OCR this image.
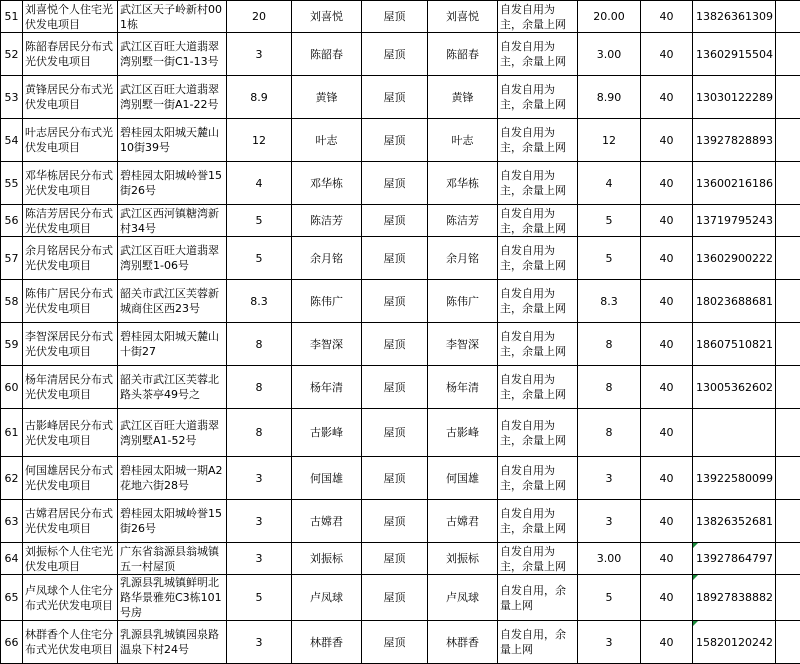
51	刘喜悦个人住宅光伏发电项目	武江区天子岭新村001栋	20	刘喜悦	屋顶	刘喜悦	自发自用为主，余量上网	20.00	40	13826361309	
52	陈韶春居民分布式光伏发电项目	武江区百旺大道翡翠湾别墅一街C1-13号	3	陈韶春	屋顶	陈韶春	自发自用为主，余量上网	3.00	40	13602915504	
53	黄锋居民分布式光伏发电项目	武江区百旺大道翡翠湾别墅一街A1-22号	8.9	黄锋	屋顶	黄锋	自发自用为主，余量上网	8.90	40	13030122289	
54	叶志居民分布式光伏发电项目	碧桂园太阳城天麓山10街39号	12	叶志	屋顶	叶志	自发自用为主，余量上网	12	40	13927828893	
55	邓华栋居民分布式光伏发电项目	碧桂园太阳城岭誉15街26号	4	邓华栋	屋顶	邓华栋	自发自用为主，余量上网	4	40	13600216186	
56	陈洁芳居民分布式光伏发电项目	武江区西河镇糖湾新村34号	5	陈洁芳	屋顶	陈洁芳	自发自用为主，余量上网	5	40	13719795243	
57	余月铭居民分布式光伏发电项目	武江区百旺大道翡翠湾别墅1-06号	5	余月铭	屋顶	余月铭	自发自用为主，余量上网	5	40	13602900222	
58	陈伟广居民分布式光伏发电项目	韶关市武江区芙蓉新城商住区西23号	8.3	陈伟广	屋顶	陈伟广	自发自用为主，余量上网	8.3	40	18023688681	
59	李智深居民分布式光伏发电项目	碧桂园太阳城天麓山十街27	8	李智深	屋顶	李智深	自发自用为主，余量上网	8	40	18607510821	
60	杨年清居民分布式光伏发电项目	韶关市武江区芙蓉北路头茶亭49号之	8	杨年清	屋顶	杨年清	自发自用为主，余量上网	8	40	13005362602	
61	古影峰居民分布式光伏发电项目	武江区百旺大道翡翠湾别墅A1-52号	8	古影峰	屋顶	古影峰	自发自用为主，余量上网	8	40		
62	何国雄居民分布式光伏发电项目	碧桂园太阳城一期A2花地六街28号	3	何国雄	屋顶	何国雄	自发自用为主，余量上网	3	40	13922580099	
63	古嫦君居民分布式光伏发电项目	碧桂园太阳城岭誉15街26号	3	古嫦君	屋顶	古嫦君	自发自用为主，余量上网	3	40	13826352681	
64	刘振标个人住宅光伏发电项目	广东省翁源县翁城镇五一村屋顶	3	刘振标	屋顶	刘振标	自发自用为主，余量上网	3.00	40	13927864797	
65	卢凤球个人住宅分布式光伏发电项目	乳源县乳城镇鲜明北路华景雅苑C3栋101号房	5	卢凤球	屋顶	卢凤球	自发自用，余量上网	5	40	18927838882	
66	林群香个人住宅分布式光伏发电项目	乳源县乳城镇园泉路温泉下村24号	3	林群香	屋顶	林群香	自发自用，余量上网	3	40	15820120242	
